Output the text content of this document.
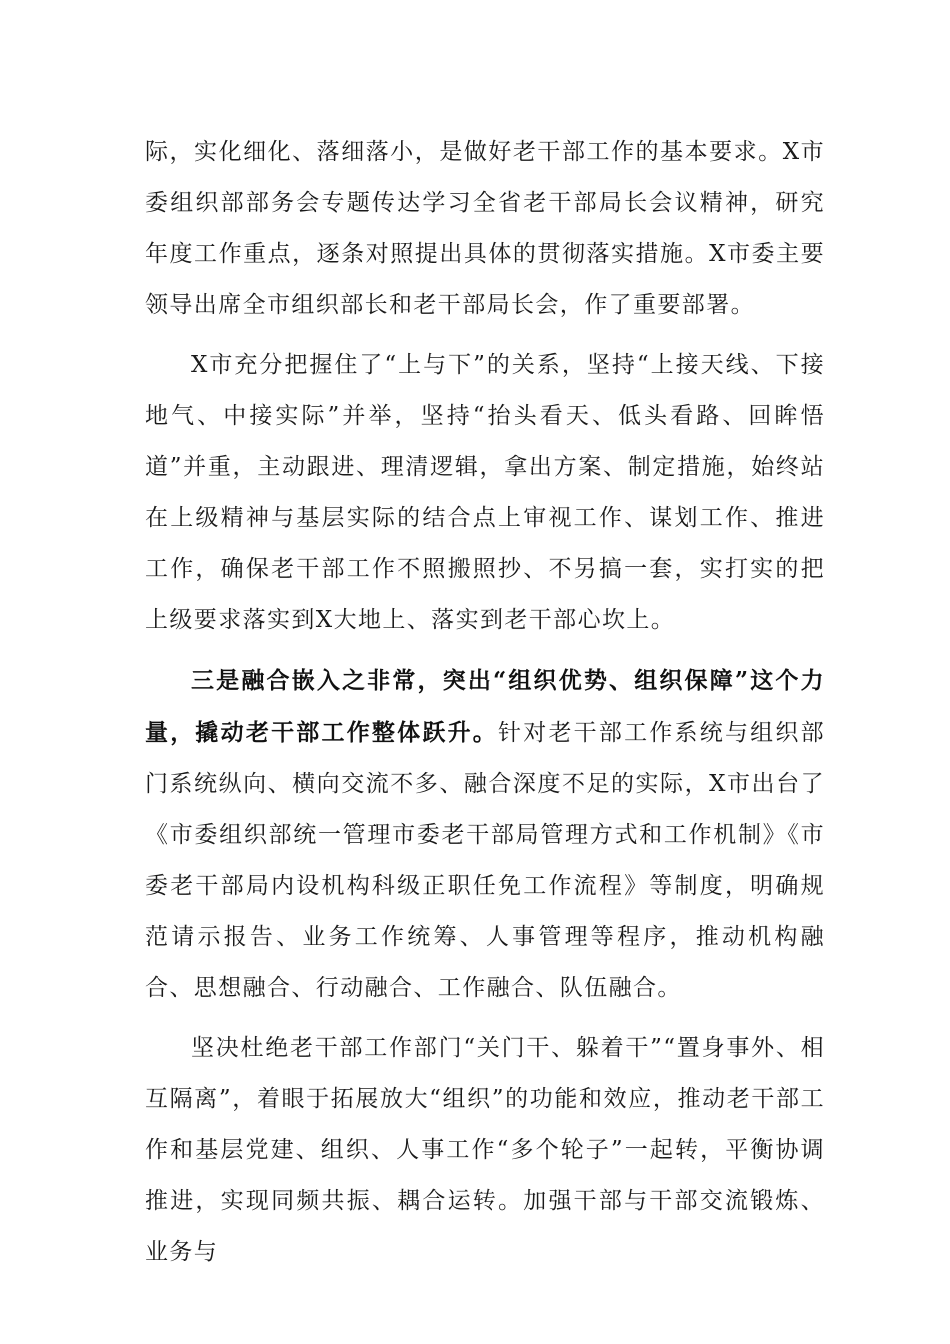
际，实化细化、落细落小，是做好老干部工作的基本要求。X市委组织部部务会专题传达学习全省老干部局长会议精神，研究年度工作重点，逐条对照提出具体的贯彻落实措施。X市委主要领导出席全市组织部长和老干部局长会，作了重要部署。

X市充分把握住了“上与下”的关系，坚持“上接天线、下接地气、中接实际”并举，坚持“抬头看天、低头看路、回眸悟道”并重，主动跟进、理清逻辑，拿出方案、制定措施，始终站在上级精神与基层实际的结合点上审视工作、谋划工作、推进工作，确保老干部工作不照搬照抄、不另搞一套，实打实的把上级要求落实到X大地上、落实到老干部心坎上。

三是融合嵌入之非常，突出“组织优势、组织保障”这个力量，撬动老干部工作整体跃升。针对老干部工作系统与组织部门系统纵向、横向交流不多、融合深度不足的实际，X市出台了《市委组织部统一管理市委老干部局管理方式和工作机制》《市委老干部局内设机构科级正职任免工作流程》等制度，明确规范请示报告、业务工作统筹、人事管理等程序，推动机构融合、思想融合、行动融合、工作融合、队伍融合。

坚决杜绝老干部工作部门“关门干、躲着干”“置身事外、相互隔离”，着眼于拓展放大“组织”的功能和效应，推动老干部工作和基层党建、组织、人事工作“多个轮子”一起转，平衡协调推进，实现同频共振、耦合运转。加强干部与干部交流锻炼、业务与
